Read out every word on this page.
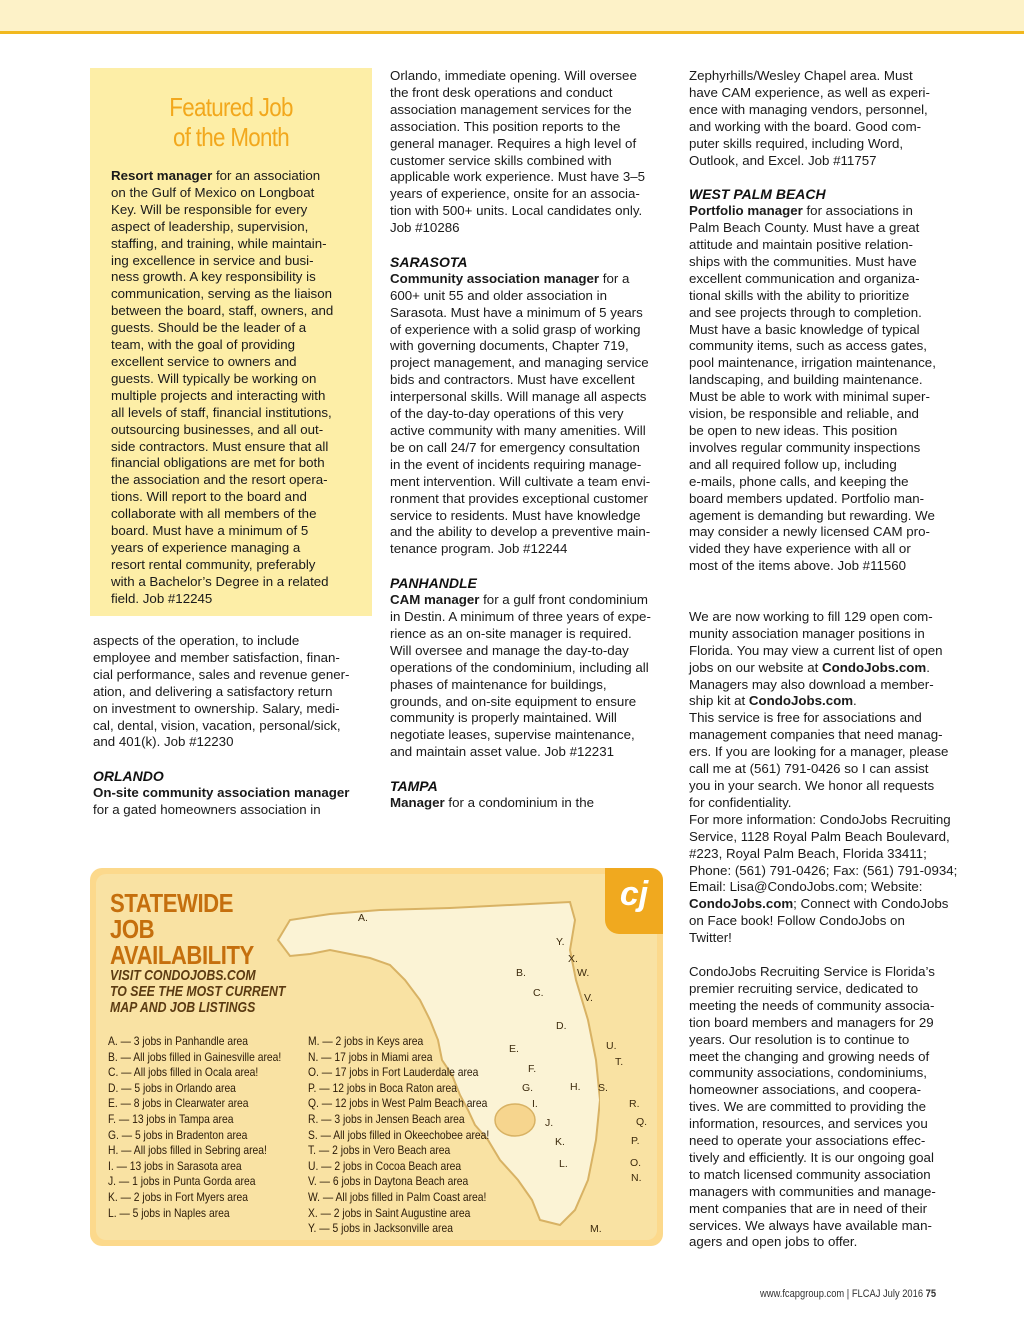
Featured Job
of the Month
Resort manager for an association
on the Gulf of Mexico on Longboat
Key. Will be responsible for every
aspect of leadership, supervision,
staffing, and training, while maintain-
ing excellence in service and busi-
ness growth. A key responsibility is
communication, serving as the liaison
between the board, staff, owners, and
guests. Should be the leader of a
team, with the goal of providing
excellent service to owners and
guests. Will typically be working on
multiple projects and interacting with
all levels of staff, financial institutions,
outsourcing businesses, and all out-
side contractors. Must ensure that all
financial obligations are met for both
the association and the resort opera-
tions. Will report to the board and
collaborate with all members of the
board. Must have a minimum of 5
years of experience managing a
resort rental community, preferably
with a Bachelor’s Degree in a related
field. Job #12245
aspects of the operation, to include
employee and member satisfaction, finan-
cial performance, sales and revenue gener-
ation, and delivering a satisfactory return
on investment to ownership. Salary, medi-
cal, dental, vision, vacation, personal/sick,
and 401(k). Job #12230
ORLANDO
On-site community association manager
for a gated homeowners association in
Orlando, immediate opening. Will oversee
the front desk operations and conduct
association management services for the
association. This position reports to the
general manager. Requires a high level of
customer service skills combined with
applicable work experience. Must have 3–5
years of experience, onsite for an associa-
tion with 500+ units. Local candidates only.
Job #10286
SARASOTA
Community association manager for a
600+ unit 55 and older association in
Sarasota. Must have a minimum of 5 years
of experience with a solid grasp of working
with governing documents, Chapter 719,
project management, and managing service
bids and contractors. Must have excellent
interpersonal skills. Will manage all aspects
of the day-to-day operations of this very
active community with many amenities. Will
be on call 24/7 for emergency consultation
in the event of incidents requiring manage-
ment intervention. Will cultivate a team envi-
ronment that provides exceptional customer
service to residents. Must have knowledge
and the ability to develop a preventive main-
tenance program. Job #12244
PANHANDLE
CAM manager for a gulf front condominium
in Destin. A minimum of three years of expe-
rience as an on-site manager is required.
Will oversee and manage the day-to-day
operations of the condominium, including all
phases of maintenance for buildings,
grounds, and on-site equipment to ensure
community is properly maintained. Will
negotiate leases, supervise maintenance,
and maintain asset value. Job #12231
TAMPA
Manager for a condominium in the
Zephyrhills/Wesley Chapel area. Must
have CAM experience, as well as experi-
ence with managing vendors, personnel,
and working with the board. Good com-
puter skills required, including Word,
Outlook, and Excel. Job #11757
WEST PALM BEACH
Portfolio manager for associations in
Palm Beach County. Must have a great
attitude and maintain positive relation-
ships with the communities. Must have
excellent communication and organiza-
tional skills with the ability to prioritize
and see projects through to completion.
Must have a basic knowledge of typical
community items, such as access gates,
pool maintenance, irrigation maintenance,
landscaping, and building maintenance.
Must be able to work with minimal super-
vision, be responsible and reliable, and
be open to new ideas. This position
involves regular community inspections
and all required follow up, including
e-mails, phone calls, and keeping the
board members updated. Portfolio man-
agement is demanding but rewarding. We
may consider a newly licensed CAM pro-
vided they have experience with all or
most of the items above. Job #11560
We are now working to fill 129 open com-
munity association manager positions in
Florida. You may view a current list of open
jobs on our website at CondoJobs.com.
Managers may also download a member-
ship kit at CondoJobs.com.
This service is free for associations and
management companies that need manag-
ers. If you are looking for a manager, please
call me at (561) 791-0426 so I can assist
you in your search. We honor all requests
for confidentiality.
For more information: CondoJobs Recruiting
Service, 1128 Royal Palm Beach Boulevard,
#223, Royal Palm Beach, Florida 33411;
Phone: (561) 791-0426; Fax: (561) 791-0934;
Email: Lisa@CondoJobs.com; Website:
CondoJobs.com; Connect with CondoJobs
on Face book! Follow CondoJobs on
Twitter!
CondoJobs Recruiting Service is Florida’s
premier recruiting service, dedicated to
meeting the needs of community associa-
tion board members and managers for 29
years. Our resolution is to continue to
meet the changing and growing needs of
community associations, condominiums,
homeowner associations, and coopera-
tives. We are committed to providing the
information, resources, and services you
need to operate your associations effec-
tively and efficiently. It is our ongoing goal
to match licensed community association
managers with communities and manage-
ment companies that are in need of their
services. We always have available man-
agers and open jobs to offer.
STATEWIDE
JOB
AVAILABILITY
VISIT CONDOJOBS.COM
TO SEE THE MOST CURRENT
MAP AND JOB LISTINGS
cj
A.
B.
C.
D.
E.
F.
G.	H.
I.
J.
K.
L.
M.
N.
O.
P.
Q.
R.
S.
T.
U.
V.
W.
X.
Y.
A. — 3 jobs in Panhandle area
B. — All jobs filled in Gainesville area!
C. — All jobs filled in Ocala area!
D. — 5 jobs in Orlando area
E. — 8 jobs in Clearwater area
F. — 13 jobs in Tampa area
G. — 5 jobs in Bradenton area
H. — All jobs filled in Sebring area!
I. — 13 jobs in Sarasota area
J. — 1 jobs in Punta Gorda area
K. — 2 jobs in Fort Myers area
L. — 5 jobs in Naples area
M. — 2 jobs in Keys area
N. — 17 jobs in Miami area
O. — 17 jobs in Fort Lauderdale area
P. — 12 jobs in Boca Raton area
Q. — 12 jobs in West Palm Beach area
R. — 3 jobs in Jensen Beach area
S. — All jobs filled in Okeechobee area!
T. — 2 jobs in Vero Beach area
U. — 2 jobs in Cocoa Beach area
V. — 6 jobs in Daytona Beach area
W. — All jobs filled in Palm Coast area!
X. — 2 jobs in Saint Augustine area
Y. — 5 jobs in Jacksonville area
www.fcapgroup.com | FLCAJ July 2016 75
